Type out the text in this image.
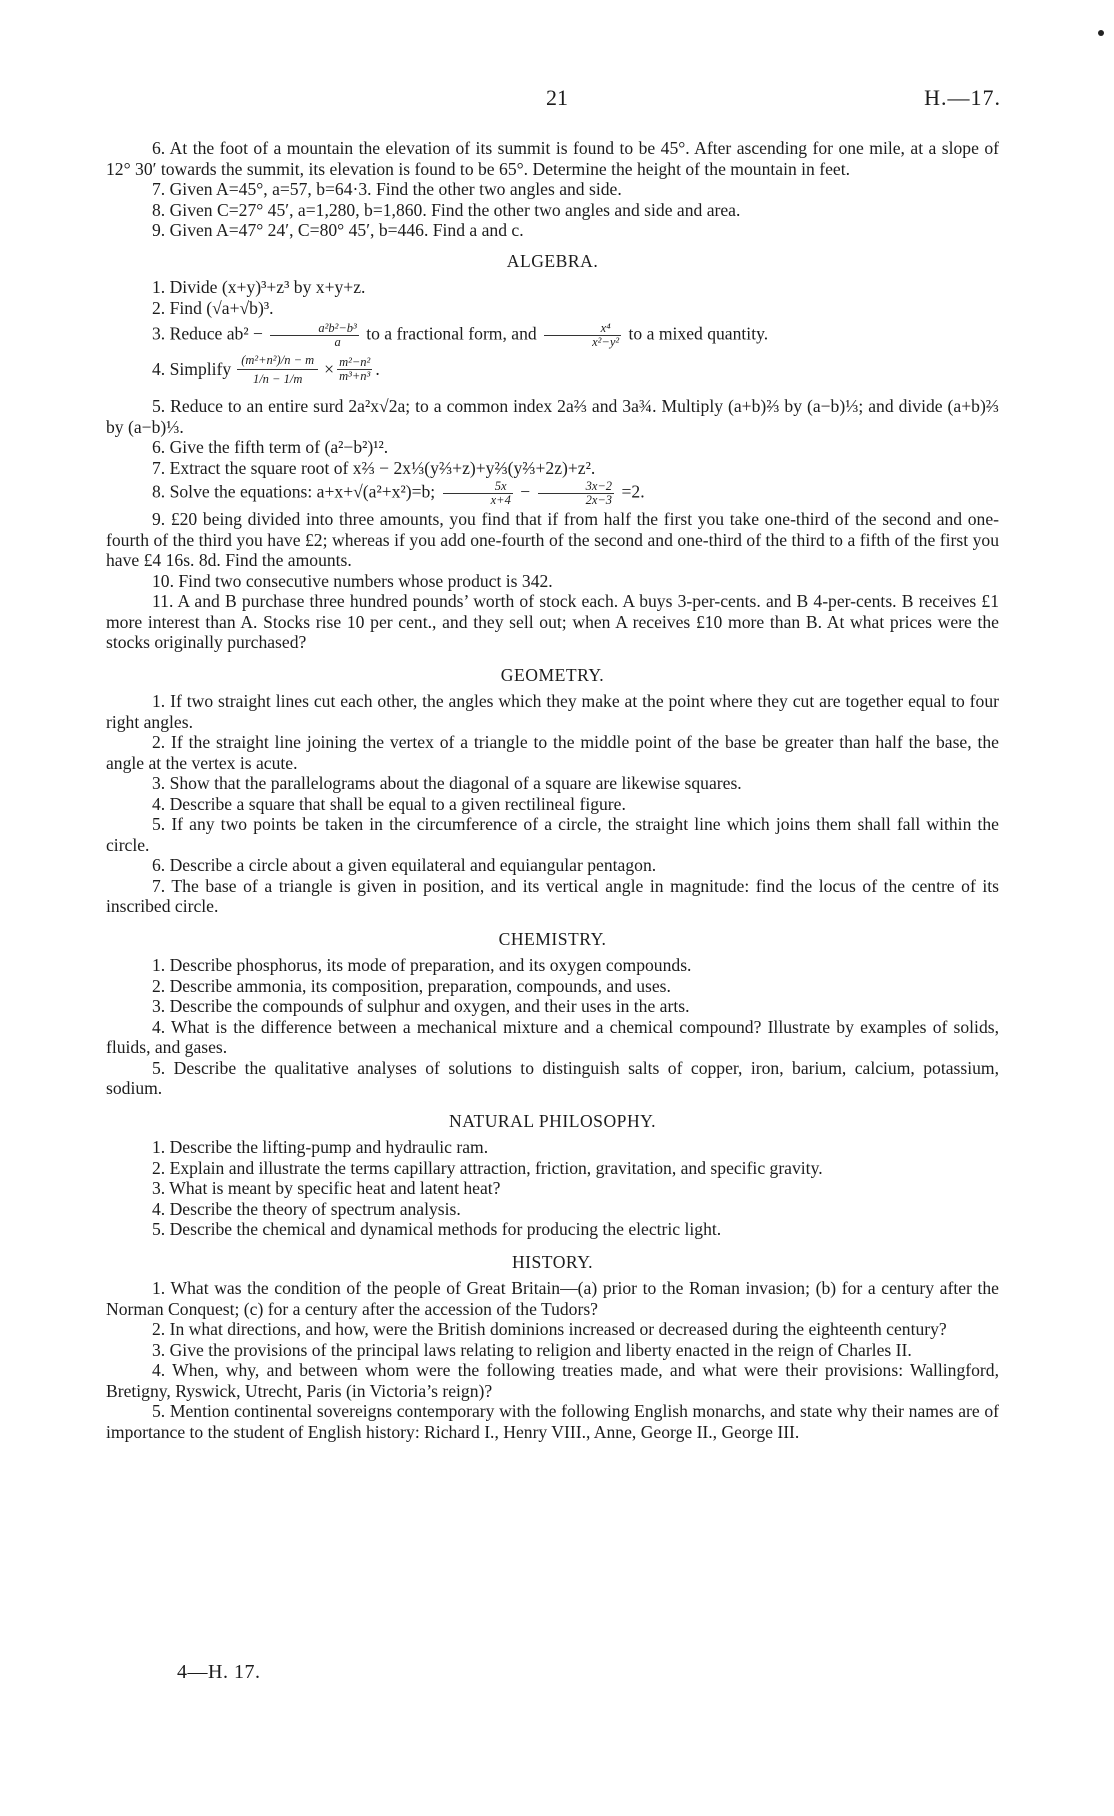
21	H.—17.

6. At the foot of a mountain the elevation of its summit is found to be 45°. After ascending for one mile, at a slope of 12° 30′ towards the summit, its elevation is found to be 65°. Determine the height of the mountain in feet.

7. Given A=45°, a=57, b=64·3. Find the other two angles and side.

8. Given C=27° 45′, a=1,280, b=1,860. Find the other two angles and side and area.

9. Given A=47° 24′, C=80° 45′, b=446. Find a and c.

ALGEBRA.

1. Divide (x+y)³+z³ by x+y+z.

2. Find (√a+√b)³.

3. Reduce $ab^2 - \frac{\text{a²b²−b³}}{a}$ to a fractional form, and $\frac{\text{x⁴}}{\text{x²−y²}}$ to a mixed quantity.

4. Simplify $\frac{\text{(m²+n²)/n − m}}{1/n - 1/m} \times \frac{\text{m²−n²}}{\text{m³+n³}}$ .

5. Reduce to an entire surd 2a²x√2a; to a common index 2a⅔ and 3a¾. Multiply (a+b)⅔ by (a−b)⅓; and divide (a+b)⅔ by (a−b)⅓.

6. Give the fifth term of (a²−b²)¹².

7. Extract the square root of x⅔ − 2x⅓(y⅔+z)+y⅔(y⅔+2z)+z².

8. Solve the equations: a+x+√(a²+x²)=b; $\frac{5x}{x+4} - \frac{3x-2}{2x-3} =2$.

9. £20 being divided into three amounts, you find that if from half the first you take one-third of the second and one-fourth of the third you have £2; whereas if you add one-fourth of the second and one-third of the third to a fifth of the first you have £4 16s. 8d. Find the amounts.

10. Find two consecutive numbers whose product is 342.

11. A and B purchase three hundred pounds’ worth of stock each. A buys 3-per-cents. and B 4-per-cents. B receives £1 more interest than A. Stocks rise 10 per cent., and they sell out; when A receives £10 more than B. At what prices were the stocks originally purchased?

GEOMETRY.

1. If two straight lines cut each other, the angles which they make at the point where they cut are together equal to four right angles.

2. If the straight line joining the vertex of a triangle to the middle point of the base be greater than half the base, the angle at the vertex is acute.

3. Show that the parallelograms about the diagonal of a square are likewise squares.

4. Describe a square that shall be equal to a given rectilineal figure.

5. If any two points be taken in the circumference of a circle, the straight line which joins them shall fall within the circle.

6. Describe a circle about a given equilateral and equiangular pentagon.

7. The base of a triangle is given in position, and its vertical angle in magnitude: find the locus of the centre of its inscribed circle.

CHEMISTRY.

1. Describe phosphorus, its mode of preparation, and its oxygen compounds.

2. Describe ammonia, its composition, preparation, compounds, and uses.

3. Describe the compounds of sulphur and oxygen, and their uses in the arts.

4. What is the difference between a mechanical mixture and a chemical compound? Illustrate by examples of solids, fluids, and gases.

5. Describe the qualitative analyses of solutions to distinguish salts of copper, iron, barium, calcium, potassium, sodium.

NATURAL PHILOSOPHY.

1. Describe the lifting-pump and hydraulic ram.

2. Explain and illustrate the terms capillary attraction, friction, gravitation, and specific gravity.

3. What is meant by specific heat and latent heat?

4. Describe the theory of spectrum analysis.

5. Describe the chemical and dynamical methods for producing the electric light.

HISTORY.

1. What was the condition of the people of Great Britain—(a) prior to the Roman invasion; (b) for a century after the Norman Conquest; (c) for a century after the accession of the Tudors?

2. In what directions, and how, were the British dominions increased or decreased during the eighteenth century?

3. Give the provisions of the principal laws relating to religion and liberty enacted in the reign of Charles II.

4. When, why, and between whom were the following treaties made, and what were their provisions: Wallingford, Bretigny, Ryswick, Utrecht, Paris (in Victoria’s reign)?

5. Mention continental sovereigns contemporary with the following English monarchs, and state why their names are of importance to the student of English history: Richard I., Henry VIII., Anne, George II., George III.

4—H. 17.
